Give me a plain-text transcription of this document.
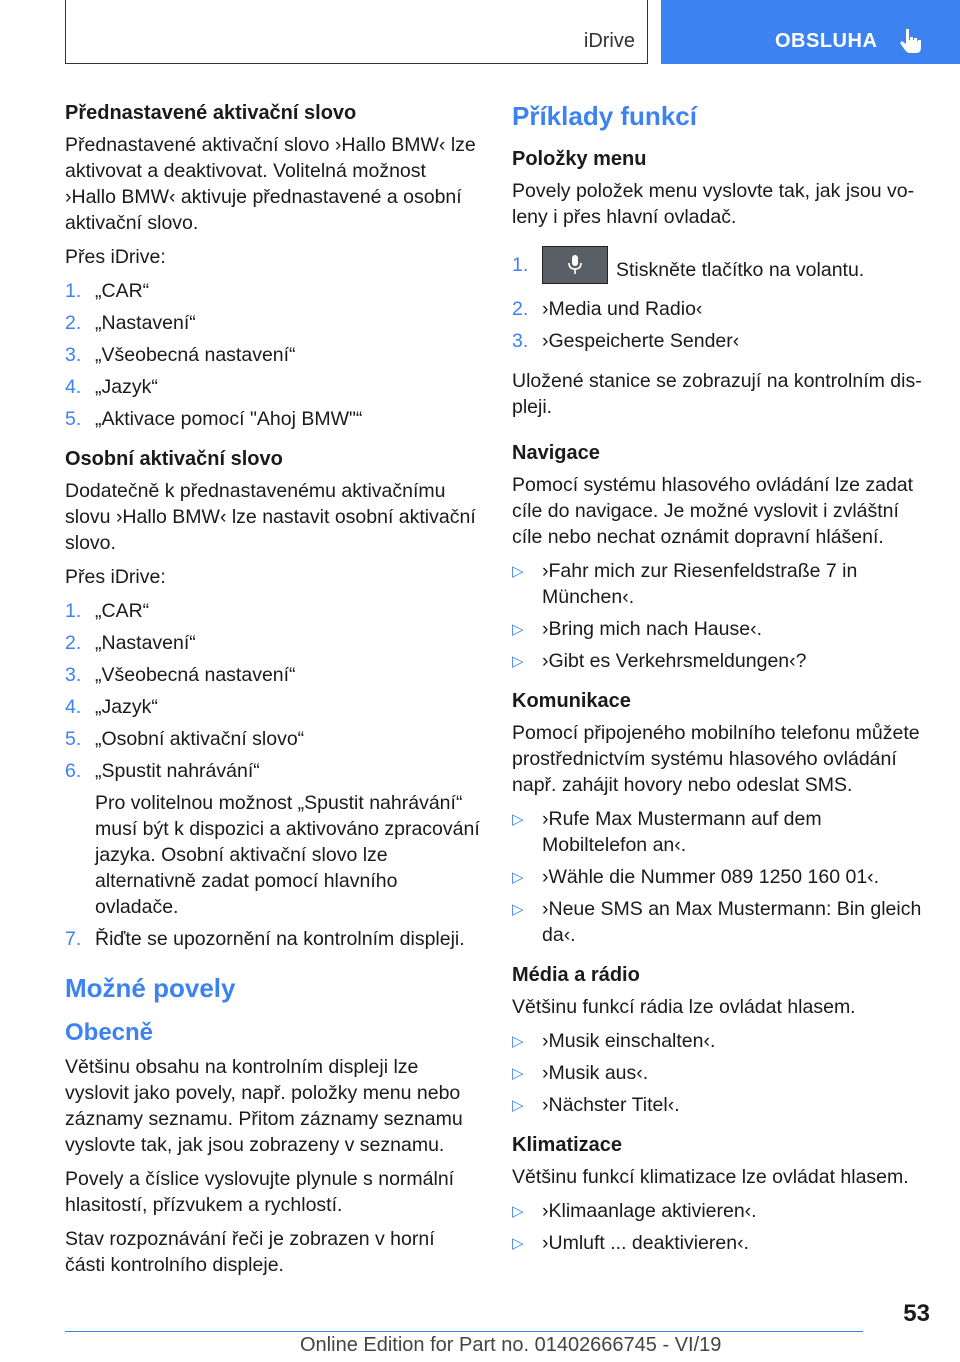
iDrive	OBSLUHA
Přednastavené aktivační slovo
Přednastavené aktivační slovo ›Hallo BMW‹ lze aktivovat a deaktivovat. Volitelná možnost ›Hallo BMW‹ aktivuje přednastavené a osobní aktivační slovo.
Přes iDrive:
1. „CAR“
2. „Nastavení“
3. „Všeobecná nastavení“
4. „Jazyk“
5. „Aktivace pomocí "Ahoj BMW"“
Osobní aktivační slovo
Dodatečně k přednastavenému aktivačnímu slovu ›Hallo BMW‹ lze nastavit osobní aktivační slovo.
Přes iDrive:
1. „CAR“
2. „Nastavení“
3. „Všeobecná nastavení“
4. „Jazyk“
5. „Osobní aktivační slovo“
6. „Spustit nahrávání“
Pro volitelnou možnost „Spustit nahrávání“ musí být k dispozici a aktivováno zpracování jazyka. Osobní aktivační slovo lze alternativně zadat pomocí hlavního ovladače.
7. Řiďte se upozornění na kontrolním displeji.
Možné povely
Obecně
Většinu obsahu na kontrolním displeji lze vyslovit jako povely, např. položky menu nebo záznamy seznamu. Přitom záznamy seznamu vyslovte tak, jak jsou zobrazeny v seznamu.
Povely a číslice vyslovujte plynule s normální hlasitostí, přízvukem a rychlostí.
Stav rozpoznávání řeči je zobrazen v horní části kontrolního displeje.
Příklady funkcí
Položky menu
Povely položek menu vyslovte tak, jak jsou vo-leny i přes hlavní ovladač.
1.	Stiskněte tlačítko na volantu.
2. ›Media und Radio‹
3. ›Gespeicherte Sender‹
Uložené stanice se zobrazují na kontrolním dis-pleji.
Navigace
Pomocí systému hlasového ovládání lze zadat cíle do navigace. Je možné vyslovit i zvláštní cíle nebo nechat oznámit dopravní hlášení.
▷ ›Fahr mich zur Riesenfeldstraße 7 in München‹.
▷ ›Bring mich nach Hause‹.
▷ ›Gibt es Verkehrsmeldungen‹?
Komunikace
Pomocí připojeného mobilního telefonu můžete prostřednictvím systému hlasového ovládání např. zahájit hovory nebo odeslat SMS.
▷ ›Rufe Max Mustermann auf dem Mobiltelefon an‹.
▷ ›Wähle die Nummer 089 1250 160 01‹.
▷ ›Neue SMS an Max Mustermann: Bin gleich da‹.
Média a rádio
Většinu funkcí rádia lze ovládat hlasem.
▷ ›Musik einschalten‹.
▷ ›Musik aus‹.
▷ ›Nächster Titel‹.
Klimatizace
Většinu funkcí klimatizace lze ovládat hlasem.
▷ ›Klimaanlage aktivieren‹.
▷ ›Umluft ... deaktivieren‹.
53
Online Edition for Part no. 01402666745 - VI/19
